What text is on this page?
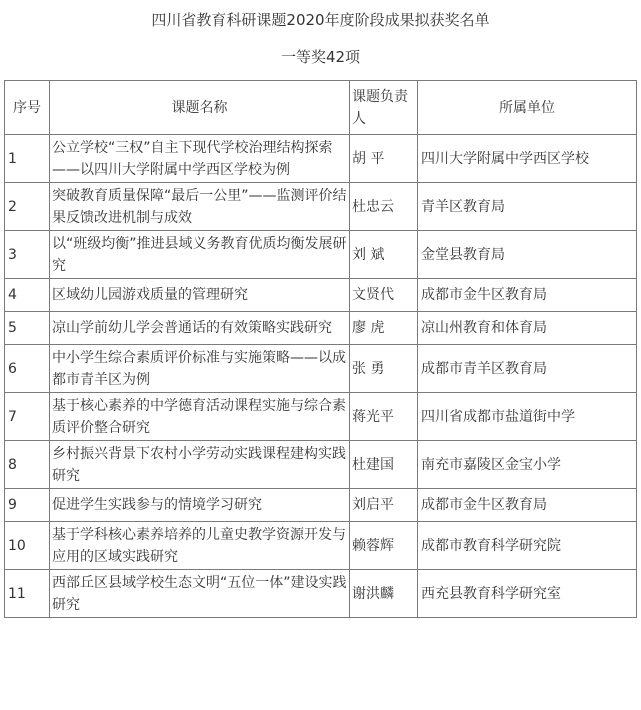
四川省教育科研课题2020年度阶段成果拟获奖名单
一等奖42项
序号	课题名称	课题负责人	所属单位
1	公立学校“三权”自主下现代学校治理结构探索——以四川大学附属中学西区学校为例	胡 平	四川大学附属中学西区学校
2	突破教育质量保障“最后一公里”——监测评价结果反馈改进机制与成效	杜忠云	青羊区教育局
3	以“班级均衡”推进县域义务教育优质均衡发展研究	刘 斌	金堂县教育局
4	区域幼儿园游戏质量的管理研究	文贤代	成都市金牛区教育局
5	凉山学前幼儿学会普通话的有效策略实践研究	廖 虎	凉山州教育和体育局
6	中小学生综合素质评价标准与实施策略——以成都市青羊区为例	张 勇	成都市青羊区教育局
7	基于核心素养的中学德育活动课程实施与综合素质评价整合研究	蒋光平	四川省成都市盐道街中学
8	乡村振兴背景下农村小学劳动实践课程建构实践研究	杜建国	南充市嘉陵区金宝小学
9	促进学生实践参与的情境学习研究	刘启平	成都市金牛区教育局
10	基于学科核心素养培养的儿童史教学资源开发与应用的区域实践研究	赖蓉辉	成都市教育科学研究院
11	西部丘区县域学校生态文明“五位一体”建设实践研究	谢洪麟	西充县教育科学研究室
